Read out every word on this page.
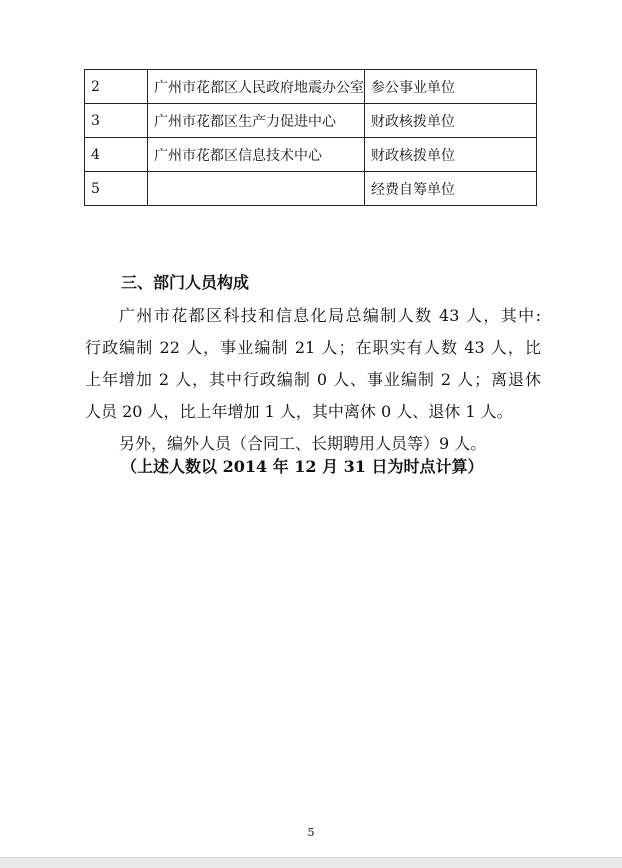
2	广州市花都区人民政府地震办公室	参公事业单位
3	广州市花都区生产力促进中心	财政核拨单位
4	广州市花都区信息技术中心	财政核拨单位
5		经费自筹单位
三、部门人员构成
广州市花都区科技和信息化局总编制人数 43 人，其中:
行政编制 22 人，事业编制 21 人；在职实有人数 43 人，比
上年增加 2 人，其中行政编制 0 人、事业编制 2 人；离退休
人员 20 人，比上年增加 1 人，其中离休 0 人、退休 1 人。
另外，编外人员（合同工、长期聘用人员等）9 人。
（上述人数以 2014 年 12 月 31 日为时点计算）
5
